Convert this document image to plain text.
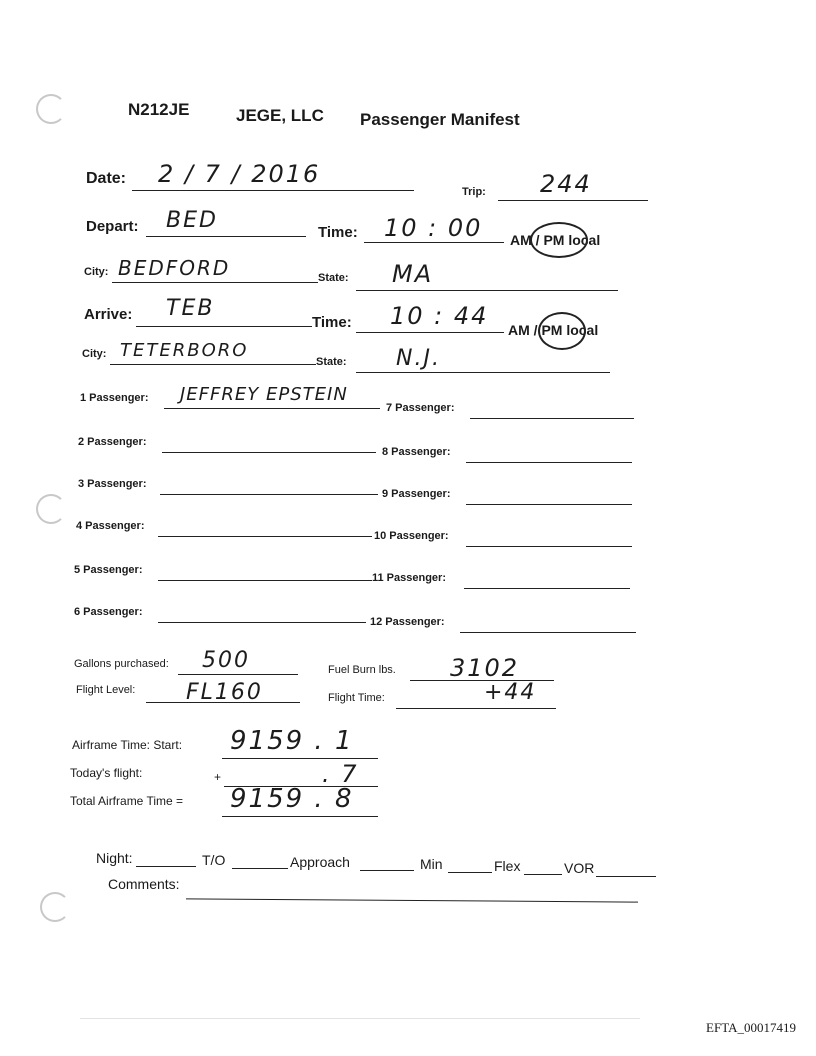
N212JE	JEGE, LLC Passenger Manifest
Date: 2 / 7 / 2016
Trip: 244
Depart: BED	Time: 10 : 00 AM / PM local
City: BEDFORD	State: MA
Arrive: TEB
Time: 10 : 44 AM / PM local
City: TETERBORO
State: N.J.
1 Passenger: JEFFREY EPSTEIN
2 Passenger:
3 Passenger:
4 Passenger:
5 Passenger:
6 Passenger:
7 Passenger:
8 Passenger:
9 Passenger:
10 Passenger:
11 Passenger:
12 Passenger:
Gallons purchased: 500	Fuel Burn lbs. 3102
Flight Level: FL160	Flight Time:	+44
Airframe Time: Start: 9159 . 1
Today's flight:	+	. 7
Total Airframe Time = 9159 . 8
Night:	T/O	Approach	Min	Flex	VOR
Comments:
EFTA_00017419
